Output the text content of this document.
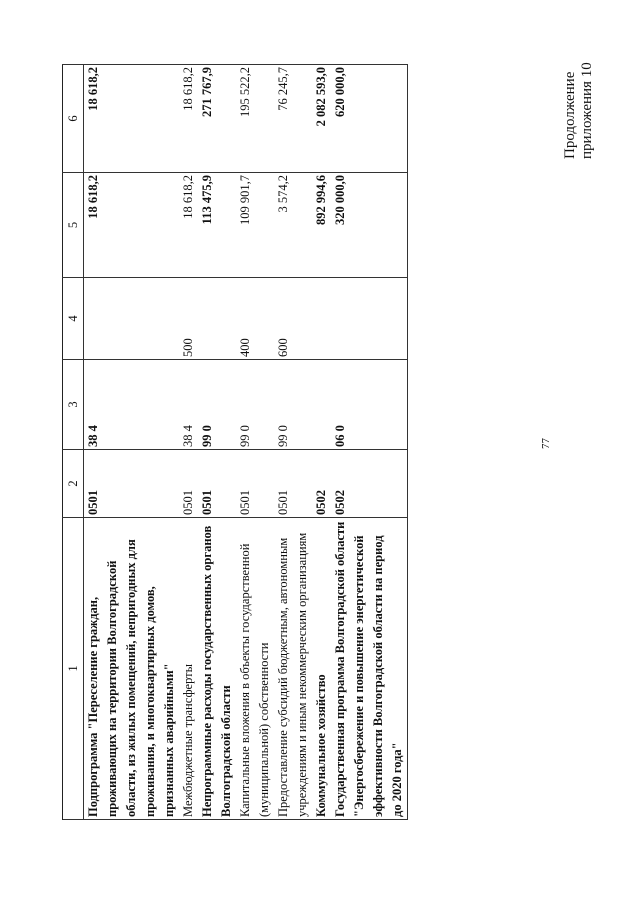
77
Продолжение приложения 10
1	2	3	4	5	6
Подпрограмма "Переселение граждан, проживающих на территории Волгоградской области, из жилых помещений, непригодных для проживания, и многоквартирных домов, признанных аварийными"	0501	38 4		18 618,2	18 618,2
Межбюджетные трансферты	0501	38 4	500	18 618,2	18 618,2
Непрограммные расходы государственных органов Волгоградской области	0501	99 0		113 475,9	271 767,9
Капитальные вложения в объекты государственной (муниципальной) собственности	0501	99 0	400	109 901,7	195 522,2
Предоставление субсидий бюджетным, автономным учреждениям и иным некоммерческим организациям	0501	99 0	600	3 574,2	76 245,7
Коммунальное хозяйство	0502			892 994,6	2 082 593,0
Государственная программа Волгоградской области "Энергосбережение и повышение энергетической эффективности Волгоградской области на период до 2020 года"	0502	06 0		320 000,0	620 000,0
